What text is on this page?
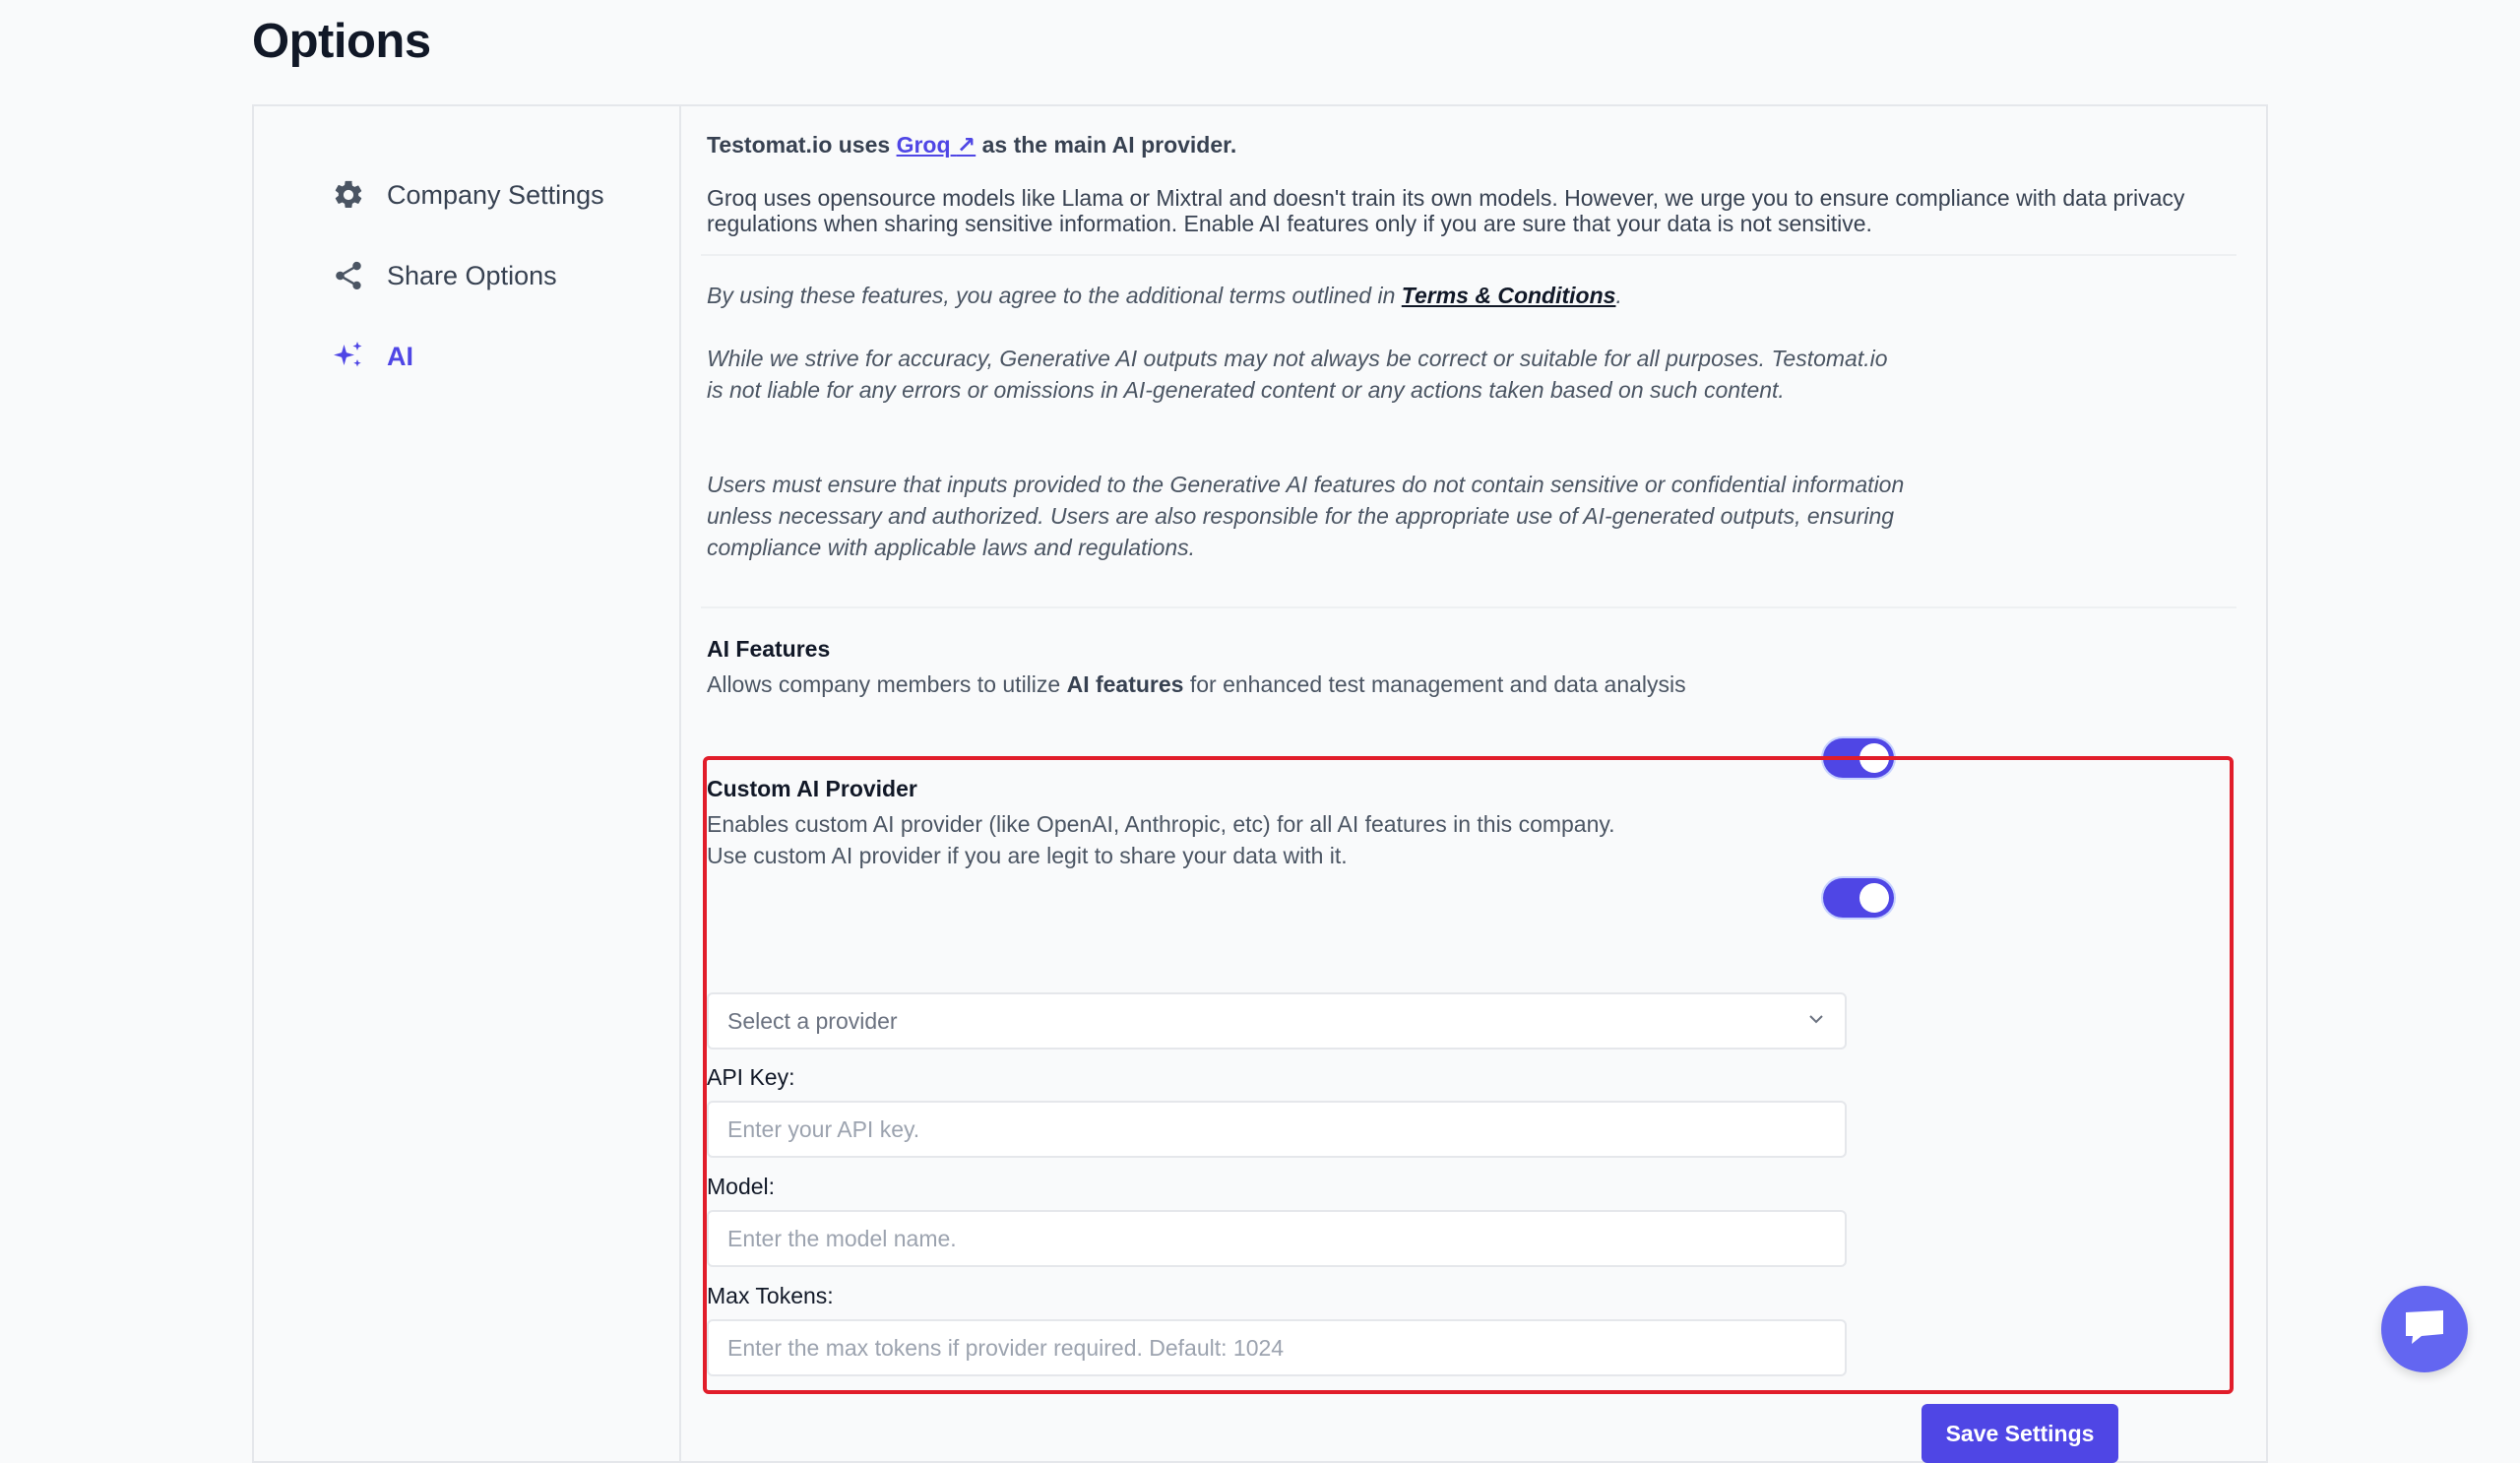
Options
Company Settings
Share Options
AI
Testomat.io uses Groq ↗ as the main AI provider.
Groq uses opensource models like Llama or Mixtral and doesn't train its own models. However, we urge you to ensure compliance with data privacy regulations when sharing sensitive information. Enable AI features only if you are sure that your data is not sensitive.
By using these features, you agree to the additional terms outlined in Terms & Conditions.
While we strive for accuracy, Generative AI outputs may not always be correct or suitable for all purposes. Testomat.io is not liable for any errors or omissions in AI-generated content or any actions taken based on such content.
Users must ensure that inputs provided to the Generative AI features do not contain sensitive or confidential information unless necessary and authorized. Users are also responsible for the appropriate use of AI-generated outputs, ensuring compliance with applicable laws and regulations.
AI Features
Allows company members to utilize AI features for enhanced test management and data analysis
Custom AI Provider
Enables custom AI provider (like OpenAI, Anthropic, etc) for all AI features in this company.
Use custom AI provider if you are legit to share your data with it.
Select a provider
API Key:
Enter your API key.
Model:
Enter the model name.
Max Tokens:
Enter the max tokens if provider required. Default: 1024
Save Settings
